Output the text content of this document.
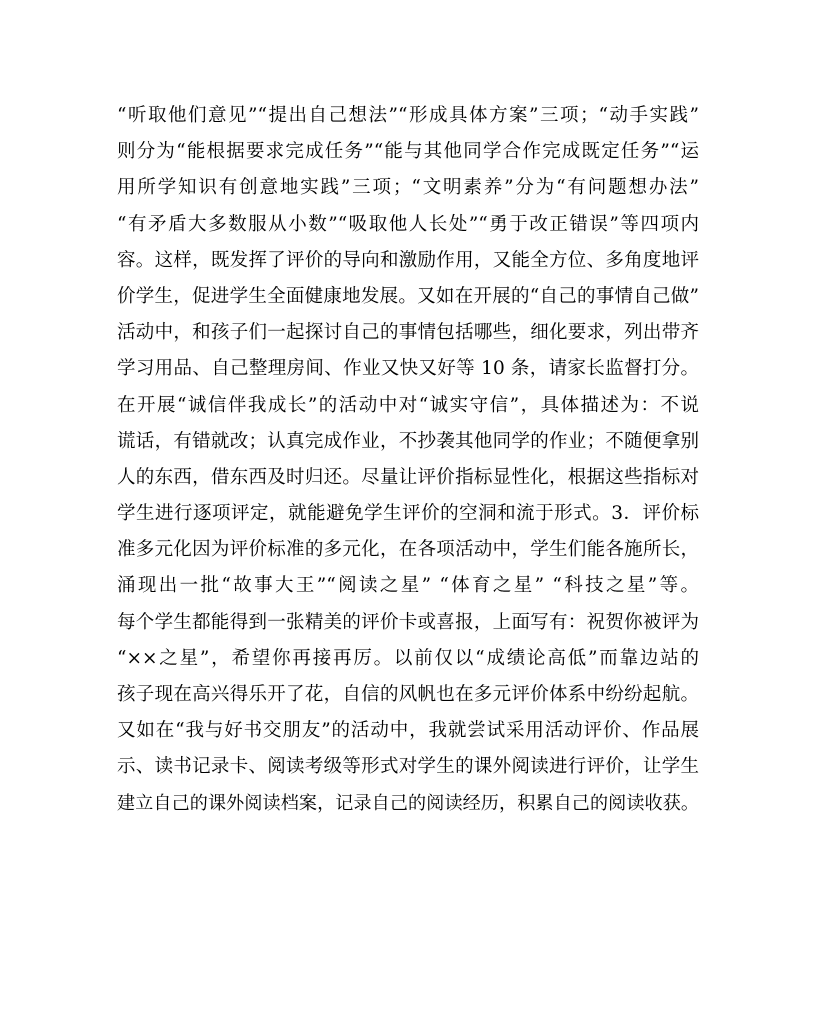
“听取他们意见”“提出自己想法”“形成具体方案”三项；“动手实践”
则分为“能根据要求完成任务”“能与其他同学合作完成既定任务”“运
用所学知识有创意地实践”三项；“文明素养”分为“有问题想办法”
“有矛盾大多数服从小数”“吸取他人长处”“勇于改正错误”等四项内
容。这样，既发挥了评价的导向和激励作用，又能全方位、多角度地评
价学生，促进学生全面健康地发展。又如在开展的“自己的事情自己做”
活动中，和孩子们一起探讨自己的事情包括哪些，细化要求，列出带齐
学习用品、自己整理房间、作业又快又好等 10 条，请家长监督打分。
在开展“诚信伴我成长”的活动中对“诚实守信”，具体描述为：不说
谎话，有错就改；认真完成作业，不抄袭其他同学的作业；不随便拿别
人的东西，借东西及时归还。尽量让评价指标显性化，根据这些指标对
学生进行逐项评定，就能避免学生评价的空洞和流于形式。3．评价标
准多元化因为评价标准的多元化，在各项活动中，学生们能各施所长，
涌现出一批“故事大王”“阅读之星” “体育之星” “科技之星”等。
每个学生都能得到一张精美的评价卡或喜报，上面写有：祝贺你被评为
“××之星”，希望你再接再厉。以前仅以“成绩论高低”而靠边站的
孩子现在高兴得乐开了花，自信的风帆也在多元评价体系中纷纷起航。
又如在“我与好书交朋友”的活动中，我就尝试采用活动评价、作品展
示、读书记录卡、阅读考级等形式对学生的课外阅读进行评价，让学生
建立自己的课外阅读档案，记录自己的阅读经历，积累自己的阅读收获。
